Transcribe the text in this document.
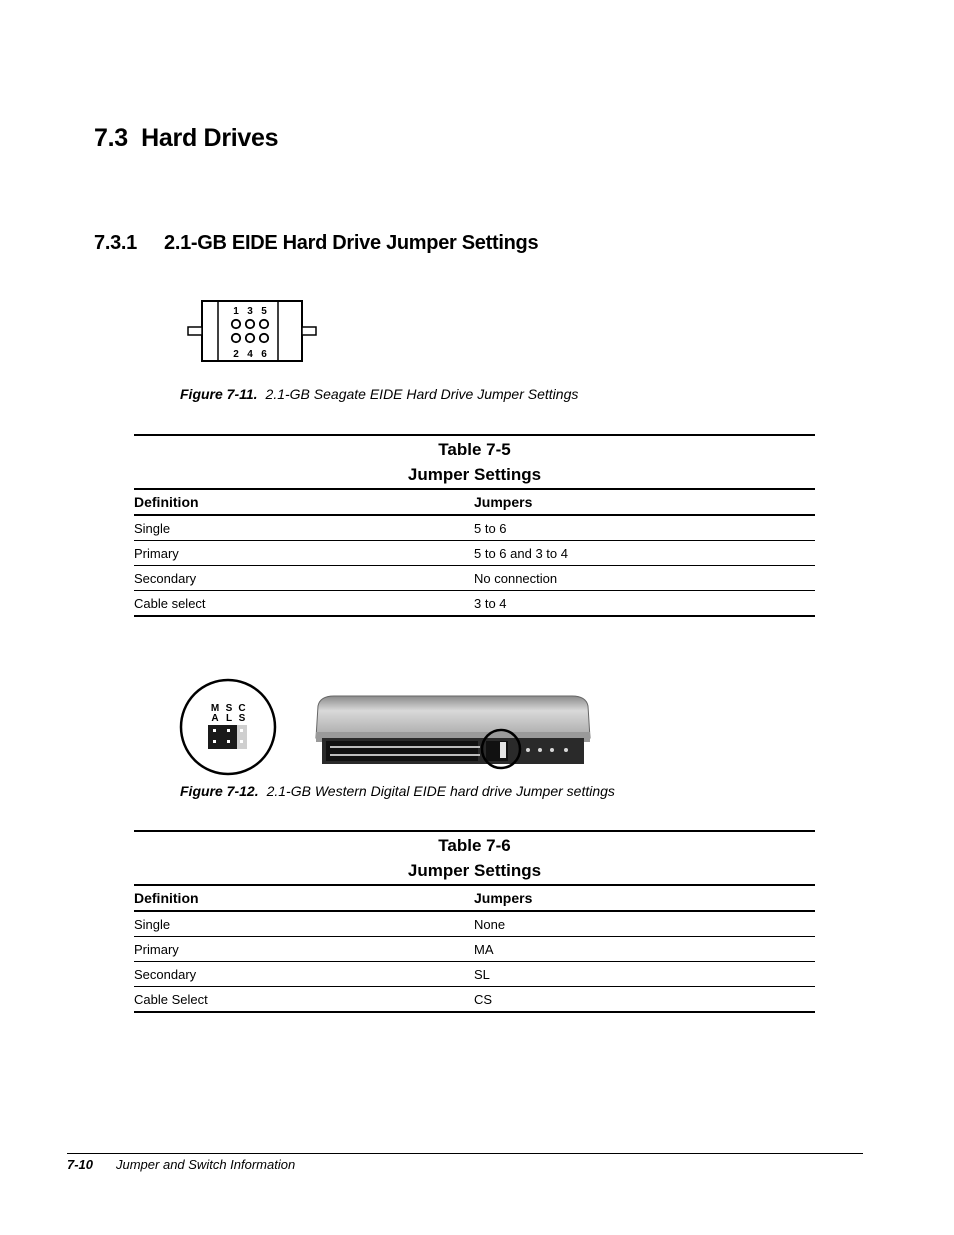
7.3 Hard Drives
7.3.1 2.1-GB EIDE Hard Drive Jumper Settings
1 3 5
2 4 6
Figure 7-11. 2.1-GB Seagate EIDE Hard Drive Jumper Settings
Table 7-5
Jumper Settings
Definition	Jumpers
Single	5 to 6
Primary	5 to 6 and 3 to 4
Secondary	No connection
Cable select	3 to 4
M S C
A L S
Figure 7-12. 2.1-GB Western Digital EIDE hard drive Jumper settings
Table 7-6
Jumper Settings
Definition	Jumpers
Single	None
Primary	MA
Secondary	SL
Cable Select	CS
7-10 Jumper and Switch Information
